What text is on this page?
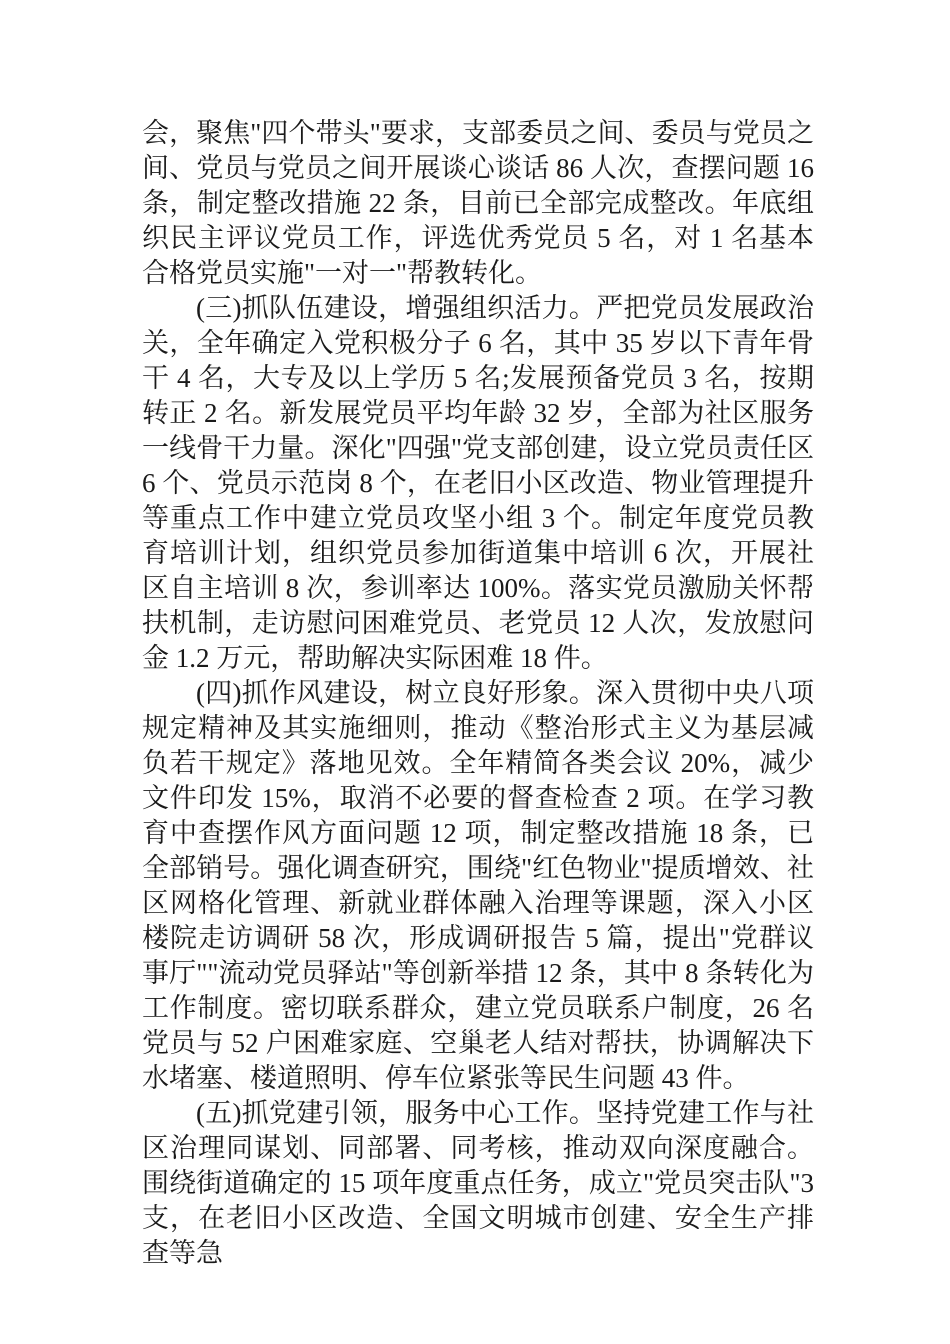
会，聚焦"四个带头"要求，支部委员之间、委员与党员之间、党员与党员之间开展谈心谈话 86 人次，查摆问题 16 条，制定整改措施 22 条，目前已全部完成整改。年底组织民主评议党员工作，评选优秀党员 5 名，对 1 名基本合格党员实施"一对一"帮教转化。

(三)抓队伍建设，增强组织活力。严把党员发展政治关，全年确定入党积极分子 6 名，其中 35 岁以下青年骨干 4 名，大专及以上学历 5 名;发展预备党员 3 名，按期转正 2 名。新发展党员平均年龄 32 岁，全部为社区服务一线骨干力量。深化"四强"党支部创建，设立党员责任区 6 个、党员示范岗 8 个，在老旧小区改造、物业管理提升等重点工作中建立党员攻坚小组 3 个。制定年度党员教育培训计划，组织党员参加街道集中培训 6 次，开展社区自主培训 8 次，参训率达 100%。落实党员激励关怀帮扶机制，走访慰问困难党员、老党员 12 人次，发放慰问金 1.2 万元，帮助解决实际困难 18 件。

(四)抓作风建设，树立良好形象。深入贯彻中央八项规定精神及其实施细则，推动《整治形式主义为基层减负若干规定》落地见效。全年精简各类会议 20%，减少文件印发 15%，取消不必要的督查检查 2 项。在学习教育中查摆作风方面问题 12 项，制定整改措施 18 条，已全部销号。强化调查研究，围绕"红色物业"提质增效、社区网格化管理、新就业群体融入治理等课题，深入小区楼院走访调研 58 次，形成调研报告 5 篇，提出"党群议事厅""流动党员驿站"等创新举措 12 条，其中 8 条转化为工作制度。密切联系群众，建立党员联系户制度，26 名党员与 52 户困难家庭、空巢老人结对帮扶，协调解决下水堵塞、楼道照明、停车位紧张等民生问题 43 件。

(五)抓党建引领，服务中心工作。坚持党建工作与社区治理同谋划、同部署、同考核，推动双向深度融合。围绕街道确定的 15 项年度重点任务，成立"党员突击队"3 支，在老旧小区改造、全国文明城市创建、安全生产排查等急
